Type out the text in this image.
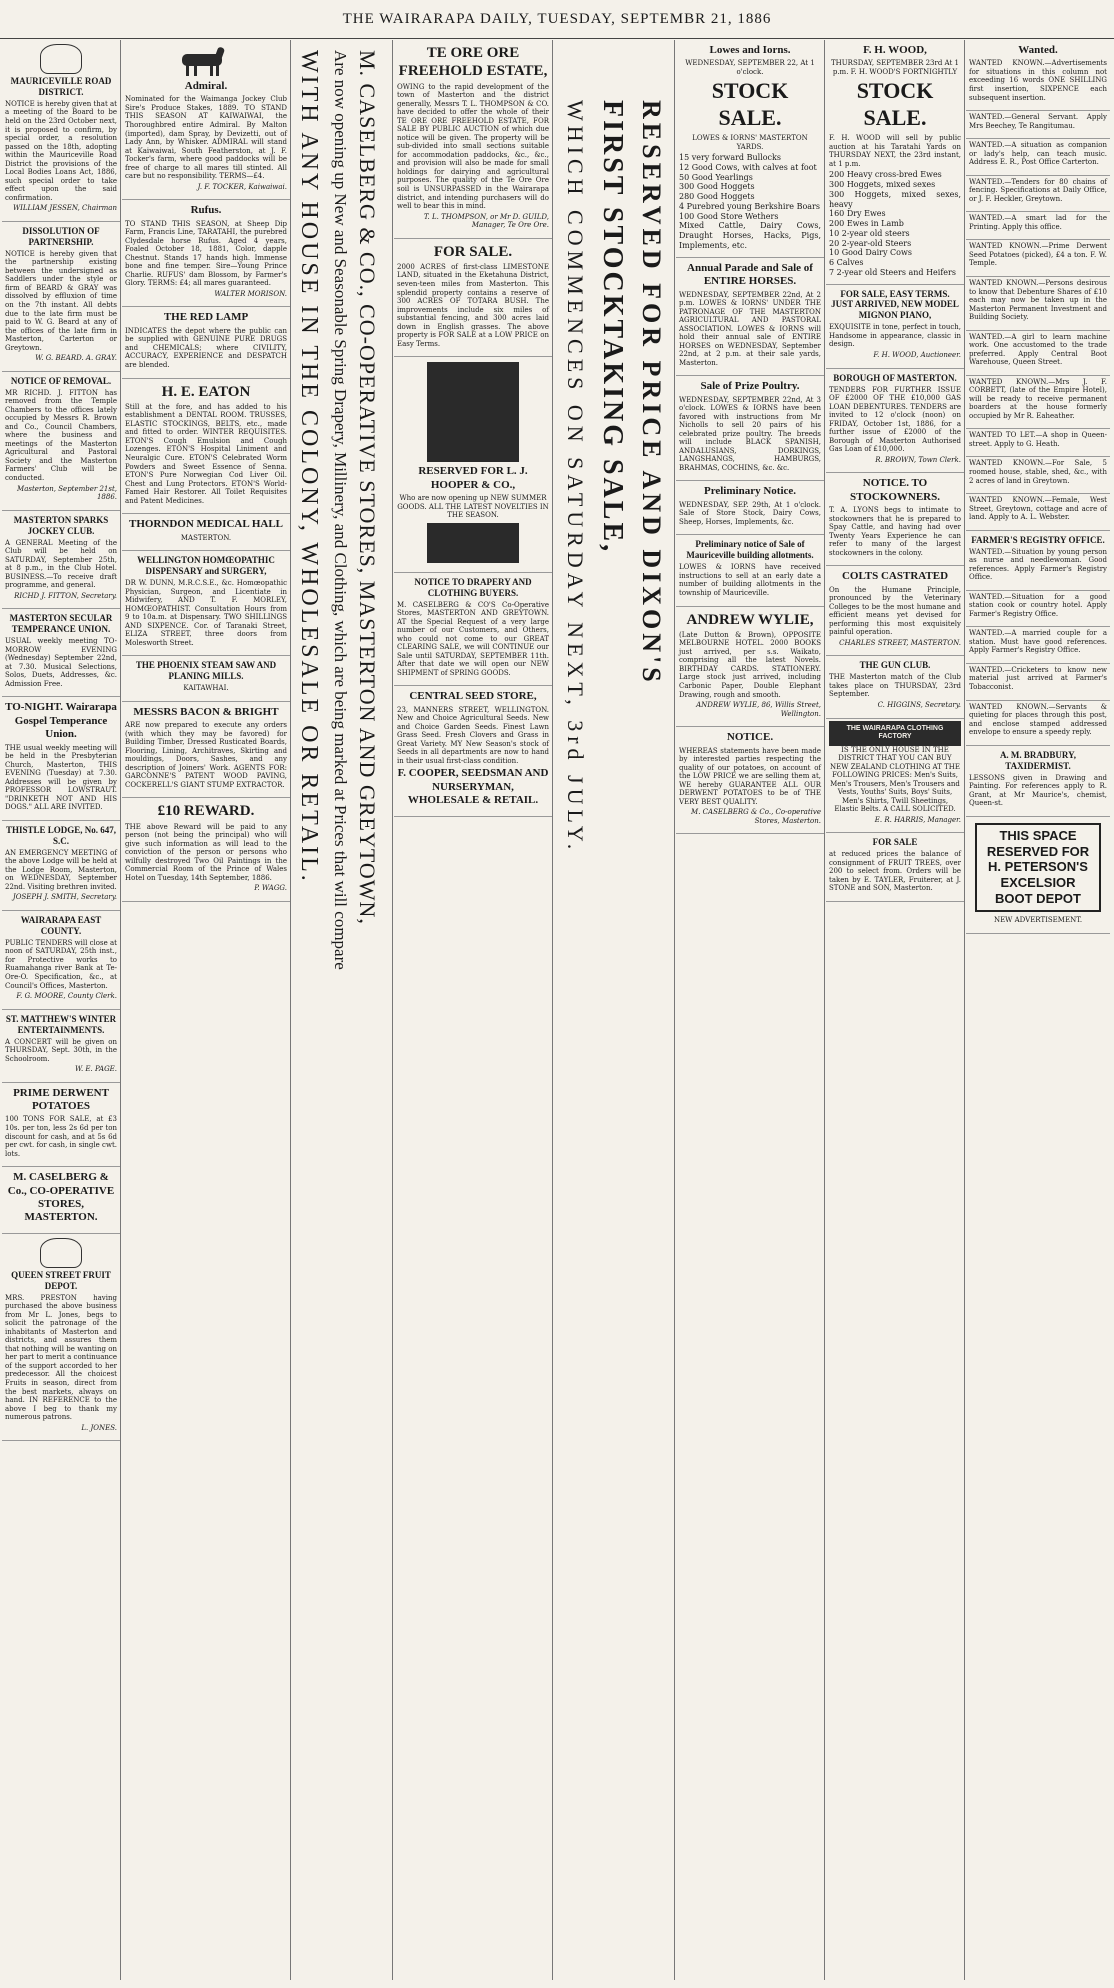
THE WAIRARAPA DAILY, TUESDAY, SEPTEMBR 21, 1886
MAURICEVILLE ROAD DISTRICT.

NOTICE is hereby given that at a meeting of the Board to be held on the 23rd October next, it is proposed to confirm, by special order, a resolution passed on the 18th, adopting within the Mauriceville Road District the provisions of the Local Bodies Loans Act, 1886, such special order to take effect upon the said confirmation.

WILLIAM JESSEN, Chairman

DISSOLUTION OF PARTNERSHIP.

NOTICE is hereby given that the partnership existing between the undersigned as Saddlers under the style or firm of BEARD & GRAY was dissolved by effluxion of time on the 7th instant. All debts due to the late firm must be paid to W. G. Beard at any of the offices of the late firm in Masterton, Carterton or Greytown.

W. G. BEARD. A. GRAY.

NOTICE OF REMOVAL.

MR RICHD. J. FITTON has removed from the Temple Chambers to the offices lately occupied by Messrs R. Brown and Co., Council Chambers, where the business and meetings of the Masterton Agricultural and Pastoral Society and the Masterton Farmers' Club will be conducted.

Masterton, September 21st, 1886.

MASTERTON SPARKS JOCKEY CLUB.

A GENERAL Meeting of the Club will be held on SATURDAY, September 25th, at 8 p.m., in the Club Hotel. BUSINESS.—To receive draft programme, and general.

RICHD J. FITTON, Secretary.

MASTERTON SECULAR TEMPERANCE UNION.

USUAL weekly meeting TO-MORROW EVENING (Wednesday) September 22nd, at 7.30. Musical Selections, Solos, Duets, Addresses, &c. Admission Free.

TO-NIGHT. Wairarapa Gospel Temperance Union.

THE usual weekly meeting will be held in the Presbyterian Church, Masterton, THIS EVENING (Tuesday) at 7.30. Addresses will be given by PROFESSOR LOWSTRAUT. "DRINKETH NOT AND HIS DOGS." ALL ARE INVITED.

THISTLE LODGE, No. 647, S.C.

AN EMERGENCY MEETING of the above Lodge will be held at the Lodge Room, Masterton, on WEDNESDAY, September 22nd. Visiting brethren invited.

JOSEPH J. SMITH, Secretary.

WAIRARAPA EAST COUNTY.

PUBLIC TENDERS will close at noon of SATURDAY, 25th inst., for Protective works to Ruamahanga river Bank at Te-Ore-O. Specification, &c., at Council's Offices, Masterton.

F. G. MOORE, County Clerk.

ST. MATTHEW'S WINTER ENTERTAINMENTS.

A CONCERT will be given on THURSDAY, Sept. 30th, in the Schoolroom.

W. E. PAGE.

PRIME DERWENT POTATOES

100 TONS FOR SALE, at £3 10s. per ton, less 2s 6d per ton discount for cash, and at 5s 6d per cwt. for cash, in single cwt. lots.

M. CASELBERG & Co., CO-OPERATIVE STORES, MASTERTON.
QUEEN STREET FRUIT DEPOT.

MRS. PRESTON having purchased the above business from Mr L. Jones, begs to solicit the patronage of the inhabitants of Masterton and districts, and assures them that nothing will be wanting on her part to merit a continuance of the support accorded to her predecessor. All the choicest Fruits in season, direct from the best markets, always on hand. IN REFERENCE to the above I beg to thank my numerous patrons.

L. JONES.

Admiral.

Nominated for the Waimanga Jockey Club Sire's Produce Stakes, 1889. TO STAND THIS SEASON AT KAIWAIWAI, the Thoroughbred entire Admiral. By Malton (imported), dam Spray, by Devizetti, out of Lady Ann, by Whisker. ADMIRAL will stand at Kaiwaiwai, South Featherston, at J. F. Tocker's farm, where good paddocks will be free of charge to all mares till stinted. All care but no responsibility. TERMS—£4.

J. F. TOCKER, Kaiwaiwai.

Rufus.

TO STAND THIS SEASON, at Sheep Dip Farm, Francis Line, TARATAHI, the purebred Clydesdale horse Rufus. Aged 4 years, Foaled October 18, 1881, Color, dapple Chestnut. Stands 17 hands high. Immense bone and fine temper. Sire—Young Prince Charlie. RUFUS' dam Blossom, by Farmer's Glory. TERMS: £4; all mares guaranteed.

WALTER MORISON.

THE RED LAMP

INDICATES the depot where the public can be supplied with GENUINE PURE DRUGS and CHEMICALS; where CIVILITY, ACCURACY, EXPERIENCE and DESPATCH are blended.

H. E. EATON

Still at the fore, and has added to his establishment a DENTAL ROOM. TRUSSES, ELASTIC STOCKINGS, BELTS, etc., made and fitted to order. WINTER REQUISITES. ETON'S Cough Emulsion and Cough Lozenges. ETON'S Hospital Liniment and Neuralgic Cure. ETON'S Celebrated Worm Powders and Sweet Essence of Senna. ETON'S Pure Norwegian Cod Liver Oil. Chest and Lung Protectors. ETON'S World-Famed Hair Restorer. All Toilet Requisites and Patent Medicines.

THORNDON MEDICAL HALL

MASTERTON.

WELLINGTON HOMŒOPATHIC DISPENSARY and SURGERY,

DR W. DUNN, M.R.C.S.E., &c. Homœopathic Physician, Surgeon, and Licentiate in Midwifery, AND T. F. MORLEY, HOMŒOPATHIST. Consultation Hours from 9 to 10a.m. at Dispensary. TWO SHILLINGS AND SIXPENCE. Cor. of Taranaki Street, ELIZA STREET, three doors from Molesworth Street.

THE PHOENIX STEAM SAW AND PLANING MILLS.

KAITAWHAI.

MESSRS BACON & BRIGHT

ARE now prepared to execute any orders (with which they may be favored) for Building Timber, Dressed Rusticated Boards, Flooring, Lining, Architraves, Skirting and mouldings, Doors, Sashes, and any description of Joiners' Work. AGENTS FOR: GARCONNE'S PATENT WOOD PAVING, COCKERELL'S GIANT STUMP EXTRACTOR.

£10 REWARD.

THE above Reward will be paid to any person (not being the principal) who will give such information as will lead to the conviction of the person or persons who wilfully destroyed Two Oil Paintings in the Commercial Room of the Prince of Wales Hotel on Tuesday, 14th September, 1886.

P. WAGG.	M. CASELBERG & CO., CO-OPERATIVE STORES, MASTERTON AND GREYTOWN,
Are now opening up New and Seasonable Spring Drapery, Millinery, and Clothing, which are being marked at Prices that will compare
WITH ANY HOUSE IN THE COLONY, WHOLESALE OR RETAIL.	TE ORE ORE FREEHOLD ESTATE,

OWING to the rapid development of the town of Masterton and the district generally, Messrs T. L. THOMPSON & CO. have decided to offer the whole of their TE ORE ORE FREEHOLD ESTATE, FOR SALE BY PUBLIC AUCTION of which due notice will be given. The property will be sub-divided into small sections suitable for accommodation paddocks, &c., &c., and provision will also be made for small holdings for dairying and agricultural purposes. The quality of the Te Ore Ore soil is UNSURPASSED in the Wairarapa district, and intending purchasers will do well to bear this in mind.

T. L. THOMPSON, or Mr D. GUILD, Manager, Te Ore Ore.

FOR SALE.

2000 ACRES of first-class LIMESTONE LAND, situated in the Eketahuna District, seven-teen miles from Masterton. This splendid property contains a reserve of 300 ACRES OF TOTARA BUSH. The improvements include six miles of substantial fencing, and 300 acres laid down in English grasses. The above property is FOR SALE at a LOW PRICE on Easy Terms.

RESERVED FOR L. J. HOOPER & CO.,

Who are now opening up NEW SUMMER GOODS. ALL THE LATEST NOVELTIES IN THE SEASON.

NOTICE TO DRAPERY AND CLOTHING BUYERS.

M. CASELBERG & CO'S Co-Operative Stores, MASTERTON AND GREYTOWN. AT the Special Request of a very large number of our Customers, and Others, who could not come to our GREAT CLEARING SALE, we will CONTINUE our Sale until SATURDAY, SEPTEMBER 11th. After that date we will open our NEW SHIPMENT of SPRING GOODS.

CENTRAL SEED STORE,

23, MANNERS STREET, WELLINGTON. New and Choice Agricultural Seeds. New and Choice Garden Seeds. Finest Lawn Grass Seed. Fresh Clovers and Grass in Great Variety. MY New Season's stock of Seeds in all departments are now to hand in their usual first-class condition.

F. COOPER, SEEDSMAN AND NURSERYMAN, WHOLESALE & RETAIL.

RESERVED FOR PRICE AND DIXON'S
FIRST STOCKTAKING SALE,
WHICH COMMENCES ON SATURDAY NEXT, 3rd JULY.
Lowes and Iorns.

WEDNESDAY, SEPTEMBER 22, At 1 o'clock.

STOCK SALE.

LOWES & IORNS' MASTERTON YARDS.

15 very forward Bullocks

12 Good Cows, with calves at foot

50 Good Yearlings

300 Good Hoggets

280 Good Hoggets

4 Purebred young Berkshire Boars

100 Good Store Wethers

Mixed Cattle, Dairy Cows, Draught Horses, Hacks, Pigs, Implements, etc.

Annual Parade and Sale of ENTIRE HORSES.

WEDNESDAY, SEPTEMBER 22nd, At 2 p.m. LOWES & IORNS' UNDER THE PATRONAGE OF THE MASTERTON AGRICULTURAL AND PASTORAL ASSOCIATION. LOWES & IORNS will hold their annual sale of ENTIRE HORSES on WEDNESDAY, September 22nd, at 2 p.m. at their sale yards, Masterton.

Sale of Prize Poultry.

WEDNESDAY, SEPTEMBER 22nd, At 3 o'clock. LOWES & IORNS have been favored with instructions from Mr Nicholls to sell 20 pairs of his celebrated prize poultry. The breeds will include BLACK SPANISH, ANDALUSIANS, DORKINGS, LANGSHANGS, HAMBURGS, BRAHMAS, COCHINS, &c. &c.

Preliminary Notice.

WEDNESDAY, SEP. 29th, At 1 o'clock. Sale of Store Stock, Dairy Cows, Sheep, Horses, Implements, &c.

Preliminary notice of Sale of Mauriceville building allotments.

LOWES & IORNS have received instructions to sell at an early date a number of building allotments in the township of Mauriceville.

ANDREW WYLIE,

(Late Dutton & Brown), OPPOSITE MELBOURNE HOTEL. 2000 BOOKS just arrived, per s.s. Waikato, comprising all the latest Novels. BIRTHDAY CARDS. STATIONERY. Large stock just arrived, including Carbonic Paper, Double Elephant Drawing, rough and smooth.

ANDREW WYLIE, 86, Willis Street, Wellington.

NOTICE.

WHEREAS statements have been made by interested parties respecting the quality of our potatoes, on account of the LOW PRICE we are selling them at, WE hereby GUARANTEE ALL OUR DERWENT POTATOES to be of THE VERY BEST QUALITY.

M. CASELBERG & Co., Co-operative Stores, Masterton.

F. H. WOOD,

THURSDAY, SEPTEMBER 23rd At 1 p.m. F. H. WOOD'S FORTNIGHTLY

STOCK SALE.

F. H. WOOD will sell by public auction at his Taratahi Yards on THURSDAY NEXT, the 23rd instant, at 1 p.m.

200 Heavy cross-bred Ewes

300 Hoggets, mixed sexes

300 Hoggets, mixed sexes, heavy

160 Dry Ewes

200 Ewes in Lamb

10 2-year old steers

20 2-year-old Steers

10 Good Dairy Cows

6 Calves

7 2-year old Steers and Heifers

FOR SALE, EASY TERMS. JUST ARRIVED, NEW MODEL MIGNON PIANO,

EXQUISITE in tone, perfect in touch, Handsome in appearance, classic in design.

F. H. WOOD, Auctioneer.

BOROUGH OF MASTERTON.

TENDERS FOR FURTHER ISSUE OF £2000 OF THE £10,000 GAS LOAN DEBENTURES. TENDERS are invited to 12 o'clock (noon) on FRIDAY, October 1st, 1886, for a further issue of £2000 of the Borough of Masterton Authorised Gas Loan of £10,000.

R. BROWN, Town Clerk.

NOTICE. TO STOCKOWNERS.

T. A. LYONS begs to intimate to stockowners that he is prepared to Spay Cattle, and having had over Twenty Years Experience he can refer to many of the largest stockowners in the colony.

COLTS CASTRATED

On the Humane Principle, pronounced by the Veterinary Colleges to be the most humane and efficient means yet devised for performing this most exquisitely painful operation.

CHARLES STREET, MASTERTON.

THE GUN CLUB.

THE Masterton match of the Club takes place on THURSDAY, 23rd September.

C. HIGGINS, Secretary.

THE WAIRARAPA CLOTHING FACTORY

IS THE ONLY HOUSE IN THE DISTRICT THAT YOU CAN BUY NEW ZEALAND CLOTHING AT THE FOLLOWING PRICES: Men's Suits, Men's Trousers, Men's Trousers and Vests, Youths' Suits, Boys' Suits, Men's Shirts, Twill Sheetings, Elastic Belts. A CALL SOLICITED.

E. R. HARRIS, Manager.

FOR SALE

at reduced prices the balance of consignment of FRUIT TREES, over 200 to select from. Orders will be taken by E. TAYLER, Fruiterer, at J. STONE and SON, Masterton.

Wanted.

WANTED KNOWN.—Advertisements for situations in this column not exceeding 16 words ONE SHILLING first insertion, SIXPENCE each subsequent insertion.

WANTED.—General Servant. Apply Mrs Beechey, Te Rangitumau.

WANTED.—A situation as companion or lady's help, can teach music. Address E. R., Post Office Carterton.

WANTED.—Tenders for 80 chains of fencing. Specifications at Daily Office, or J. F. Heckler, Greytown.

WANTED.—A smart lad for the Printing. Apply this office.

WANTED KNOWN.—Prime Derwent Seed Potatoes (picked), £4 a ton. F. W. Temple.

WANTED KNOWN.—Persons desirous to know that Debenture Shares of £10 each may now be taken up in the Masterton Permanent Investment and Building Society.

WANTED.—A girl to learn machine work. One accustomed to the trade preferred. Apply Central Boot Warehouse, Queen Street.

WANTED KNOWN.—Mrs J. F. CORBETT, (late of the Empire Hotel), will be ready to receive permanent boarders at the house formerly occupied by Mr R. Eaheather.

WANTED TO LET.—A shop in Queen-street. Apply to G. Heath.

WANTED KNOWN.—For Sale, 5 roomed house, stable, shed, &c., with 2 acres of land in Greytown.

WANTED KNOWN.—Female, West Street, Greytown, cottage and acre of land. Apply to A. L. Webster.

FARMER'S REGISTRY OFFICE.

WANTED.—Situation by young person as nurse and needlewoman. Good references. Apply Farmer's Registry Office.

WANTED.—Situation for a good station cook or country hotel. Apply Farmer's Registry Office.

WANTED.—A married couple for a station. Must have good references. Apply Farmer's Registry Office.

WANTED.—Cricketers to know new material just arrived at Farmer's Tobacconist.

WANTED KNOWN.—Servants & quieting for places through this post, and enclose stamped addressed envelope to ensure a speedy reply.

A. M. BRADBURY, TAXIDERMIST.

LESSONS given in Drawing and Painting. For references apply to R. Grant, at Mr Maurice's, chemist, Queen-st.

THIS SPACE RESERVED FOR H. PETERSON'S EXCELSIOR BOOT DEPOT

NEW ADVERTISEMENT.
